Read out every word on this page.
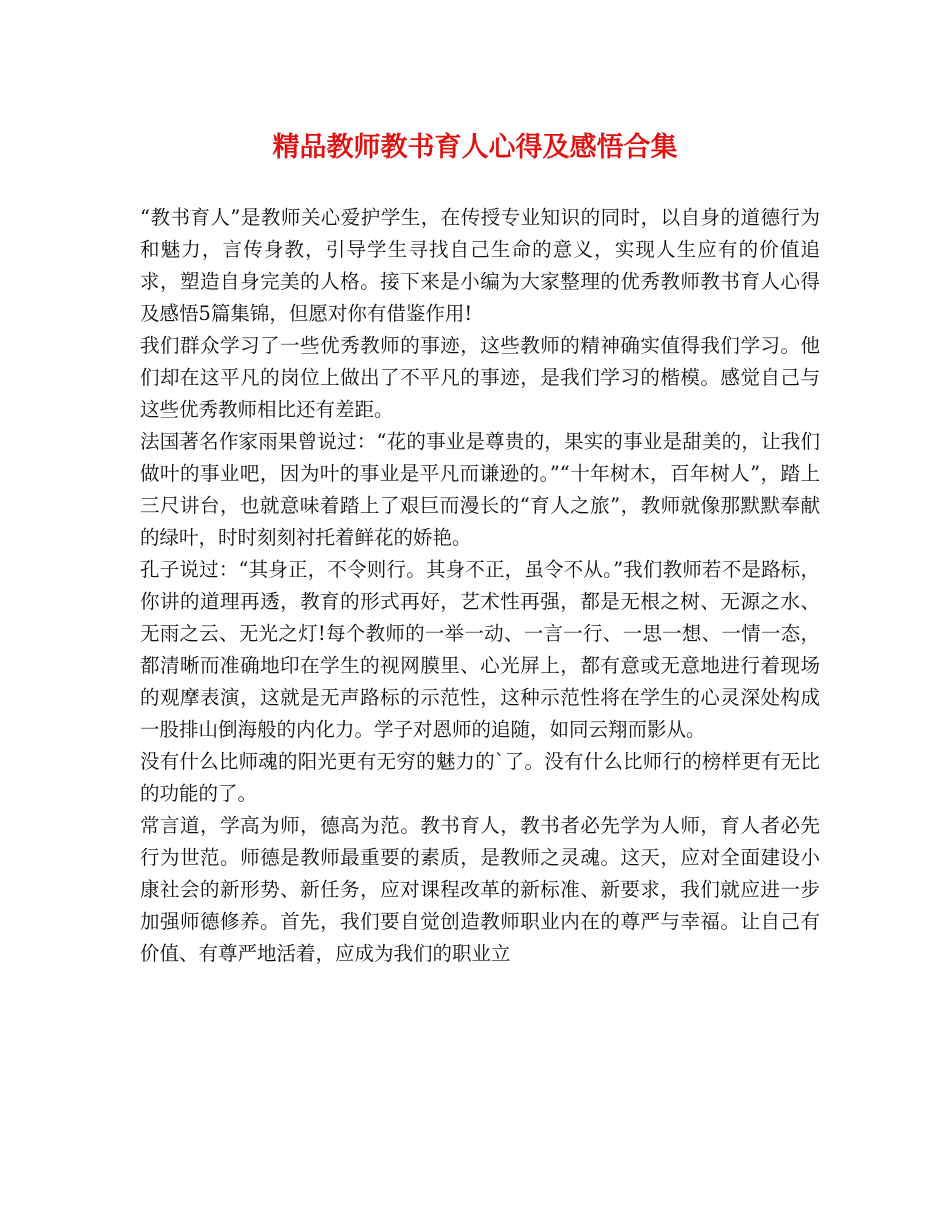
精品教师教书育人心得及感悟合集

“教书育人”是教师关心爱护学生，在传授专业知识的同时，以自身的道德行为和魅力，言传身教，引导学生寻找自己生命的意义，实现人生应有的价值追求，塑造自身完美的人格。接下来是小编为大家整理的优秀教师教书育人心得及感悟5篇集锦，但愿对你有借鉴作用!

我们群众学习了一些优秀教师的事迹，这些教师的精神确实值得我们学习。他们却在这平凡的岗位上做出了不平凡的事迹，是我们学习的楷模。感觉自己与这些优秀教师相比还有差距。

法国著名作家雨果曾说过：“花的事业是尊贵的，果实的事业是甜美的，让我们做叶的事业吧，因为叶的事业是平凡而谦逊的。”“十年树木，百年树人”，踏上三尺讲台，也就意味着踏上了艰巨而漫长的“育人之旅”，教师就像那默默奉献的绿叶，时时刻刻衬托着鲜花的娇艳。

孔子说过：“其身正，不令则行。其身不正，虽令不从。”我们教师若不是路标，你讲的道理再透，教育的形式再好，艺术性再强，都是无根之树、无源之水、无雨之云、无光之灯!每个教师的一举一动、一言一行、一思一想、一情一态，都清晰而准确地印在学生的视网膜里、心光屏上，都有意或无意地进行着现场的观摩表演，这就是无声路标的示范性，这种示范性将在学生的心灵深处构成一股排山倒海般的内化力。学子对恩师的追随，如同云翔而影从。

没有什么比师魂的阳光更有无穷的魅力的`了。没有什么比师行的榜样更有无比的功能的了。

常言道，学高为师，德高为范。教书育人，教书者必先学为人师，育人者必先行为世范。师德是教师最重要的素质，是教师之灵魂。这天，应对全面建设小康社会的新形势、新任务，应对课程改革的新标准、新要求，我们就应进一步加强师德修养。首先，我们要自觉创造教师职业内在的尊严与幸福。让自己有价值、有尊严地活着，应成为我们的职业立
